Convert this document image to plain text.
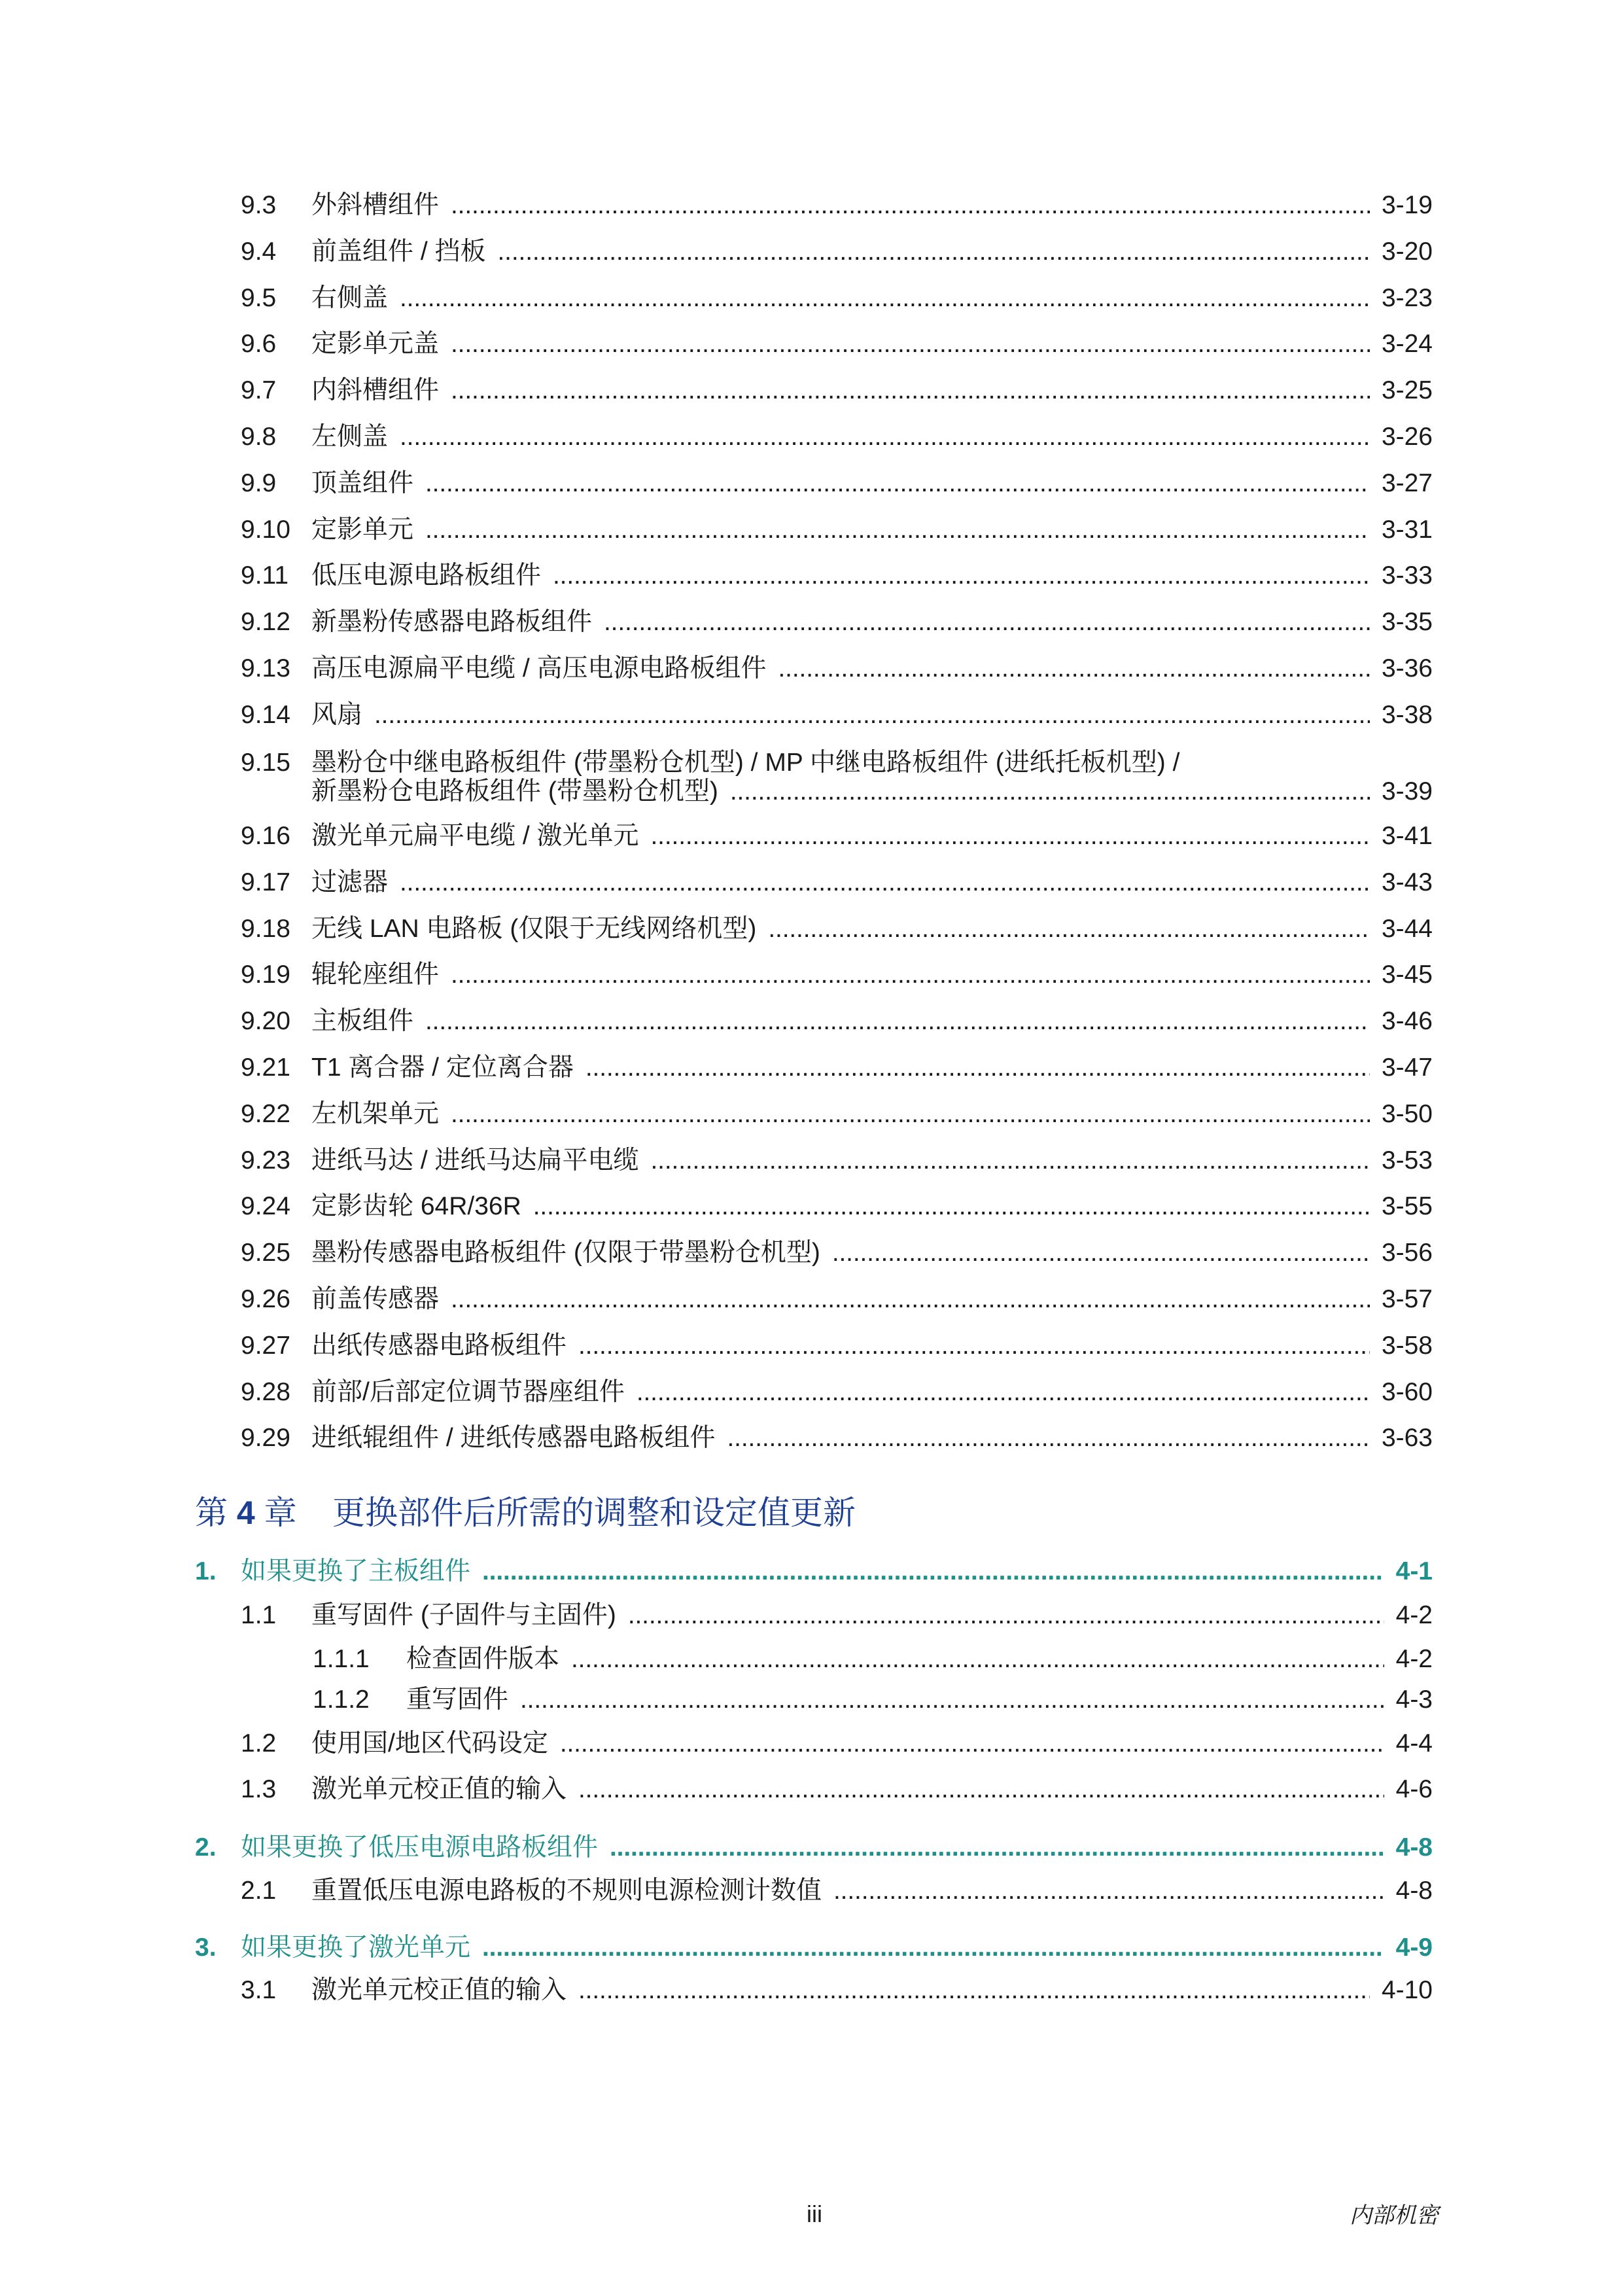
9.3	外斜槽组件 . . .	3-19
9.4	前盖组件 / 挡板 . . .	3-20
9.5	右侧盖 . . .	3-23
9.6	定影单元盖 . . .	3-24
9.7	内斜槽组件 . . .	3-25
9.8	左侧盖 . . .	3-26
9.9	顶盖组件 . . .	3-27
9.10 定影单元 . . .	3-31
9.11 低压电源电路板组件 . . .	3-33
9.12 新墨粉传感器电路板组件 . . .	3-35
9.13 高压电源扁平电缆 / 高压电源电路板组件 . . .	3-36
9.14 风扇 . . .	3-38
9.15 墨粉仓中继电路板组件 (带墨粉仓机型) / MP 中继电路板组件 (进纸托板机型) /
新墨粉仓电路板组件 (带墨粉仓机型) . . .	3-39
9.16 激光单元扁平电缆 / 激光单元 . . .	3-41
9.17 过滤器 . . .	3-43
9.18 无线 LAN 电路板 (仅限于无线网络机型) . . .	3-44
9.19 辊轮座组件 . . .	3-45
9.20 主板组件 . . .	3-46
9.21 T1 离合器 / 定位离合器 . . .	3-47
9.22 左机架单元 . . .	3-50
9.23 进纸马达 / 进纸马达扁平电缆 . . .	3-53
9.24 定影齿轮 64R/36R . . .	3-55
9.25 墨粉传感器电路板组件 (仅限于带墨粉仓机型) . . .	3-56
9.26 前盖传感器 . . .	3-57
9.27 出纸传感器电路板组件 . . .	3-58
9.28 前部/后部定位调节器座组件 . . .	3-60
9.29 进纸辊组件 / 进纸传感器电路板组件 . . .	3-63
第 4 章 更换部件后所需的调整和设定值更新
1. 如果更换了主板组件 . . .	4-1
1.1	重写固件 (子固件与主固件) . . .	4-2
1.1.1	检查固件版本 . . .	4-2
1.1.2	重写固件 . . .	4-3
1.2	使用国/地区代码设定 . . .	4-4
1.3	激光单元校正值的输入 . . .	4-6
2. 如果更换了低压电源电路板组件 . . .	4-8
2.1	重置低压电源电路板的不规则电源检测计数值 . . .	4-8
3. 如果更换了激光单元 . . .	4-9
3.1	激光单元校正值的输入 . . .	4-10
iii	内部机密
